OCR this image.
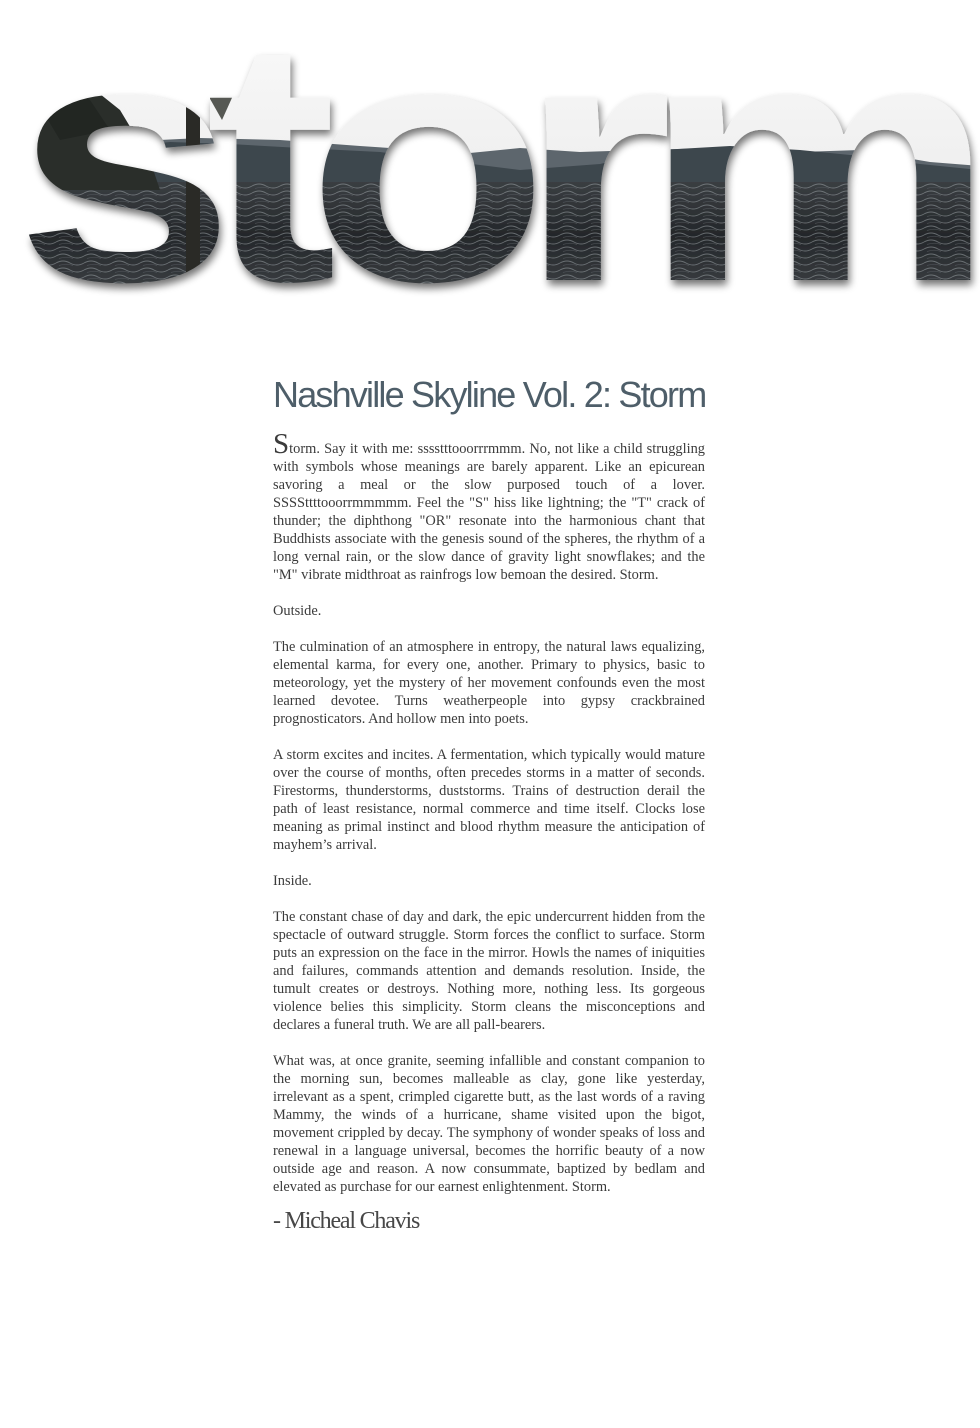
Nashville Skyline Vol. 2: Storm

Storm. Say it with me: sssstttooorrrmmm. No, not like a child struggling with symbols whose meanings are barely apparent. Like an epicurean savoring a meal or the slow purposed touch of a lover. SSSSttttooorrmmmmm. Feel the "S" hiss like lightning; the "T" crack of thunder; the diphthong "OR" resonate into the harmonious chant that Buddhists associate with the genesis sound of the spheres, the rhythm of a long vernal rain, or the slow dance of gravity light snowflakes; and the "M" vibrate midthroat as rainfrogs low bemoan the desired. Storm.

Outside.

The culmination of an atmosphere in entropy, the natural laws equalizing, elemental karma, for every one, another. Primary to physics, basic to meteorology, yet the mystery of her movement confounds even the most learned devotee. Turns weatherpeople into gypsy crackbrained prognosticators. And hollow men into poets.

A storm excites and incites. A fermentation, which typically would mature over the course of months, often precedes storms in a matter of seconds. Firestorms, thunderstorms, duststorms. Trains of destruction derail the path of least resistance, normal commerce and time itself. Clocks lose meaning as primal instinct and blood rhythm measure the anticipation of mayhem’s arrival.

Inside.

The constant chase of day and dark, the epic undercurrent hidden from the spectacle of outward struggle. Storm forces the conflict to surface. Storm puts an expression on the face in the mirror. Howls the names of iniquities and failures, commands attention and demands resolution. Inside, the tumult creates or destroys. Nothing more, nothing less. Its gorgeous violence belies this simplicity. Storm cleans the misconceptions and declares a funeral truth. We are all pall-bearers.

What was, at once granite, seeming infallible and constant companion to the morning sun, becomes malleable as clay, gone like yesterday, irrelevant as a spent, crimpled cigarette butt, as the last words of a raving Mammy, the winds of a hurricane, shame visited upon the bigot, movement crippled by decay. The symphony of wonder speaks of loss and renewal in a language universal, becomes the horrific beauty of a now outside age and reason. A now consummate, baptized by bedlam and elevated as purchase for our earnest enlightenment. Storm.

- Micheal Chavis
